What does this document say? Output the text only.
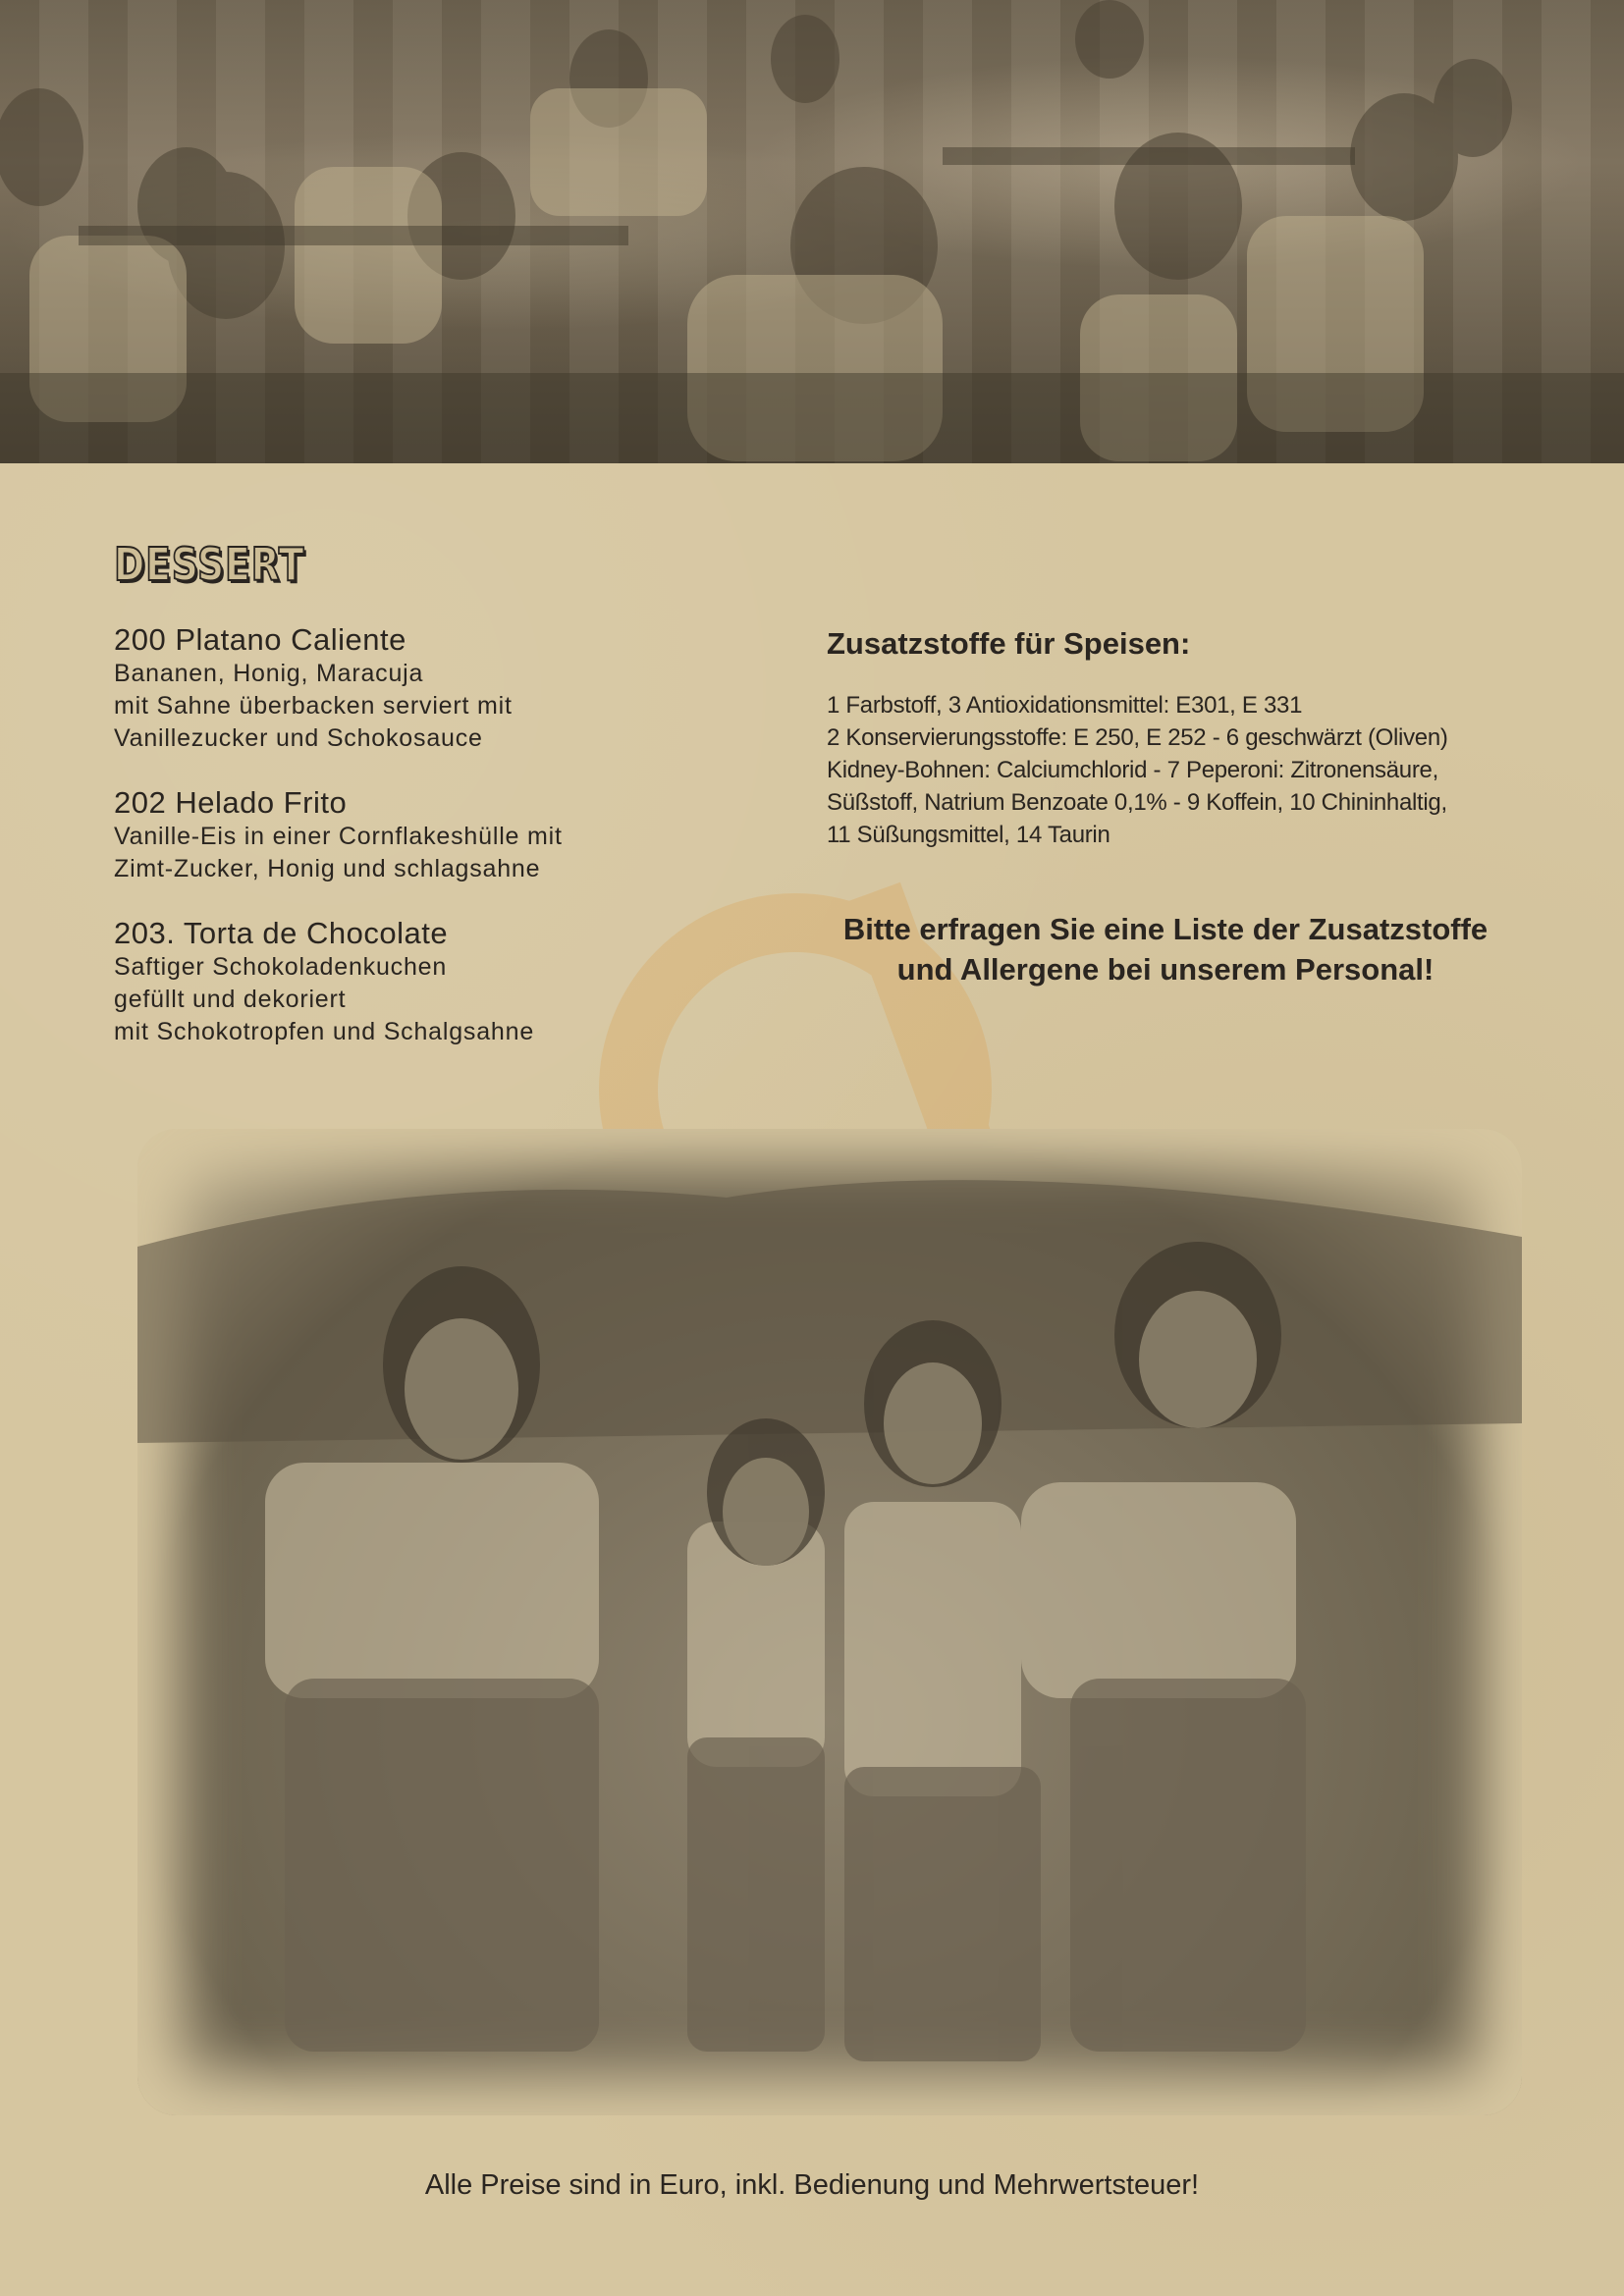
DESSERT
200 Platano Caliente
Bananen, Honig, Maracuja
mit Sahne überbacken serviert mit
Vanillezucker und Schokosauce
202 Helado Frito
Vanille-Eis in einer Cornflakeshülle mit
Zimt-Zucker, Honig und schlagsahne
203. Torta de Chocolate
Saftiger Schokoladenkuchen
gefüllt und dekoriert
mit Schokotropfen und Schalgsahne

Zusatzstoffe für Speisen:

1 Farbstoff, 3 Antioxidationsmittel: E301, E 331

2 Konservierungsstoffe: E 250, E 252 - 6 geschwärzt (Oliven)

Kidney-Bohnen: Calciumchlorid - 7 Peperoni: Zitronensäure,

Süßstoff, Natrium Benzoate 0,1% - 9 Koffein, 10 Chininhaltig,

11 Süßungsmittel, 14 Taurin

Bitte erfragen Sie eine Liste der Zusatzstoffe
und Allergene bei unserem Personal!
Alle Preise sind in Euro, inkl. Bedienung und Mehrwertsteuer!
